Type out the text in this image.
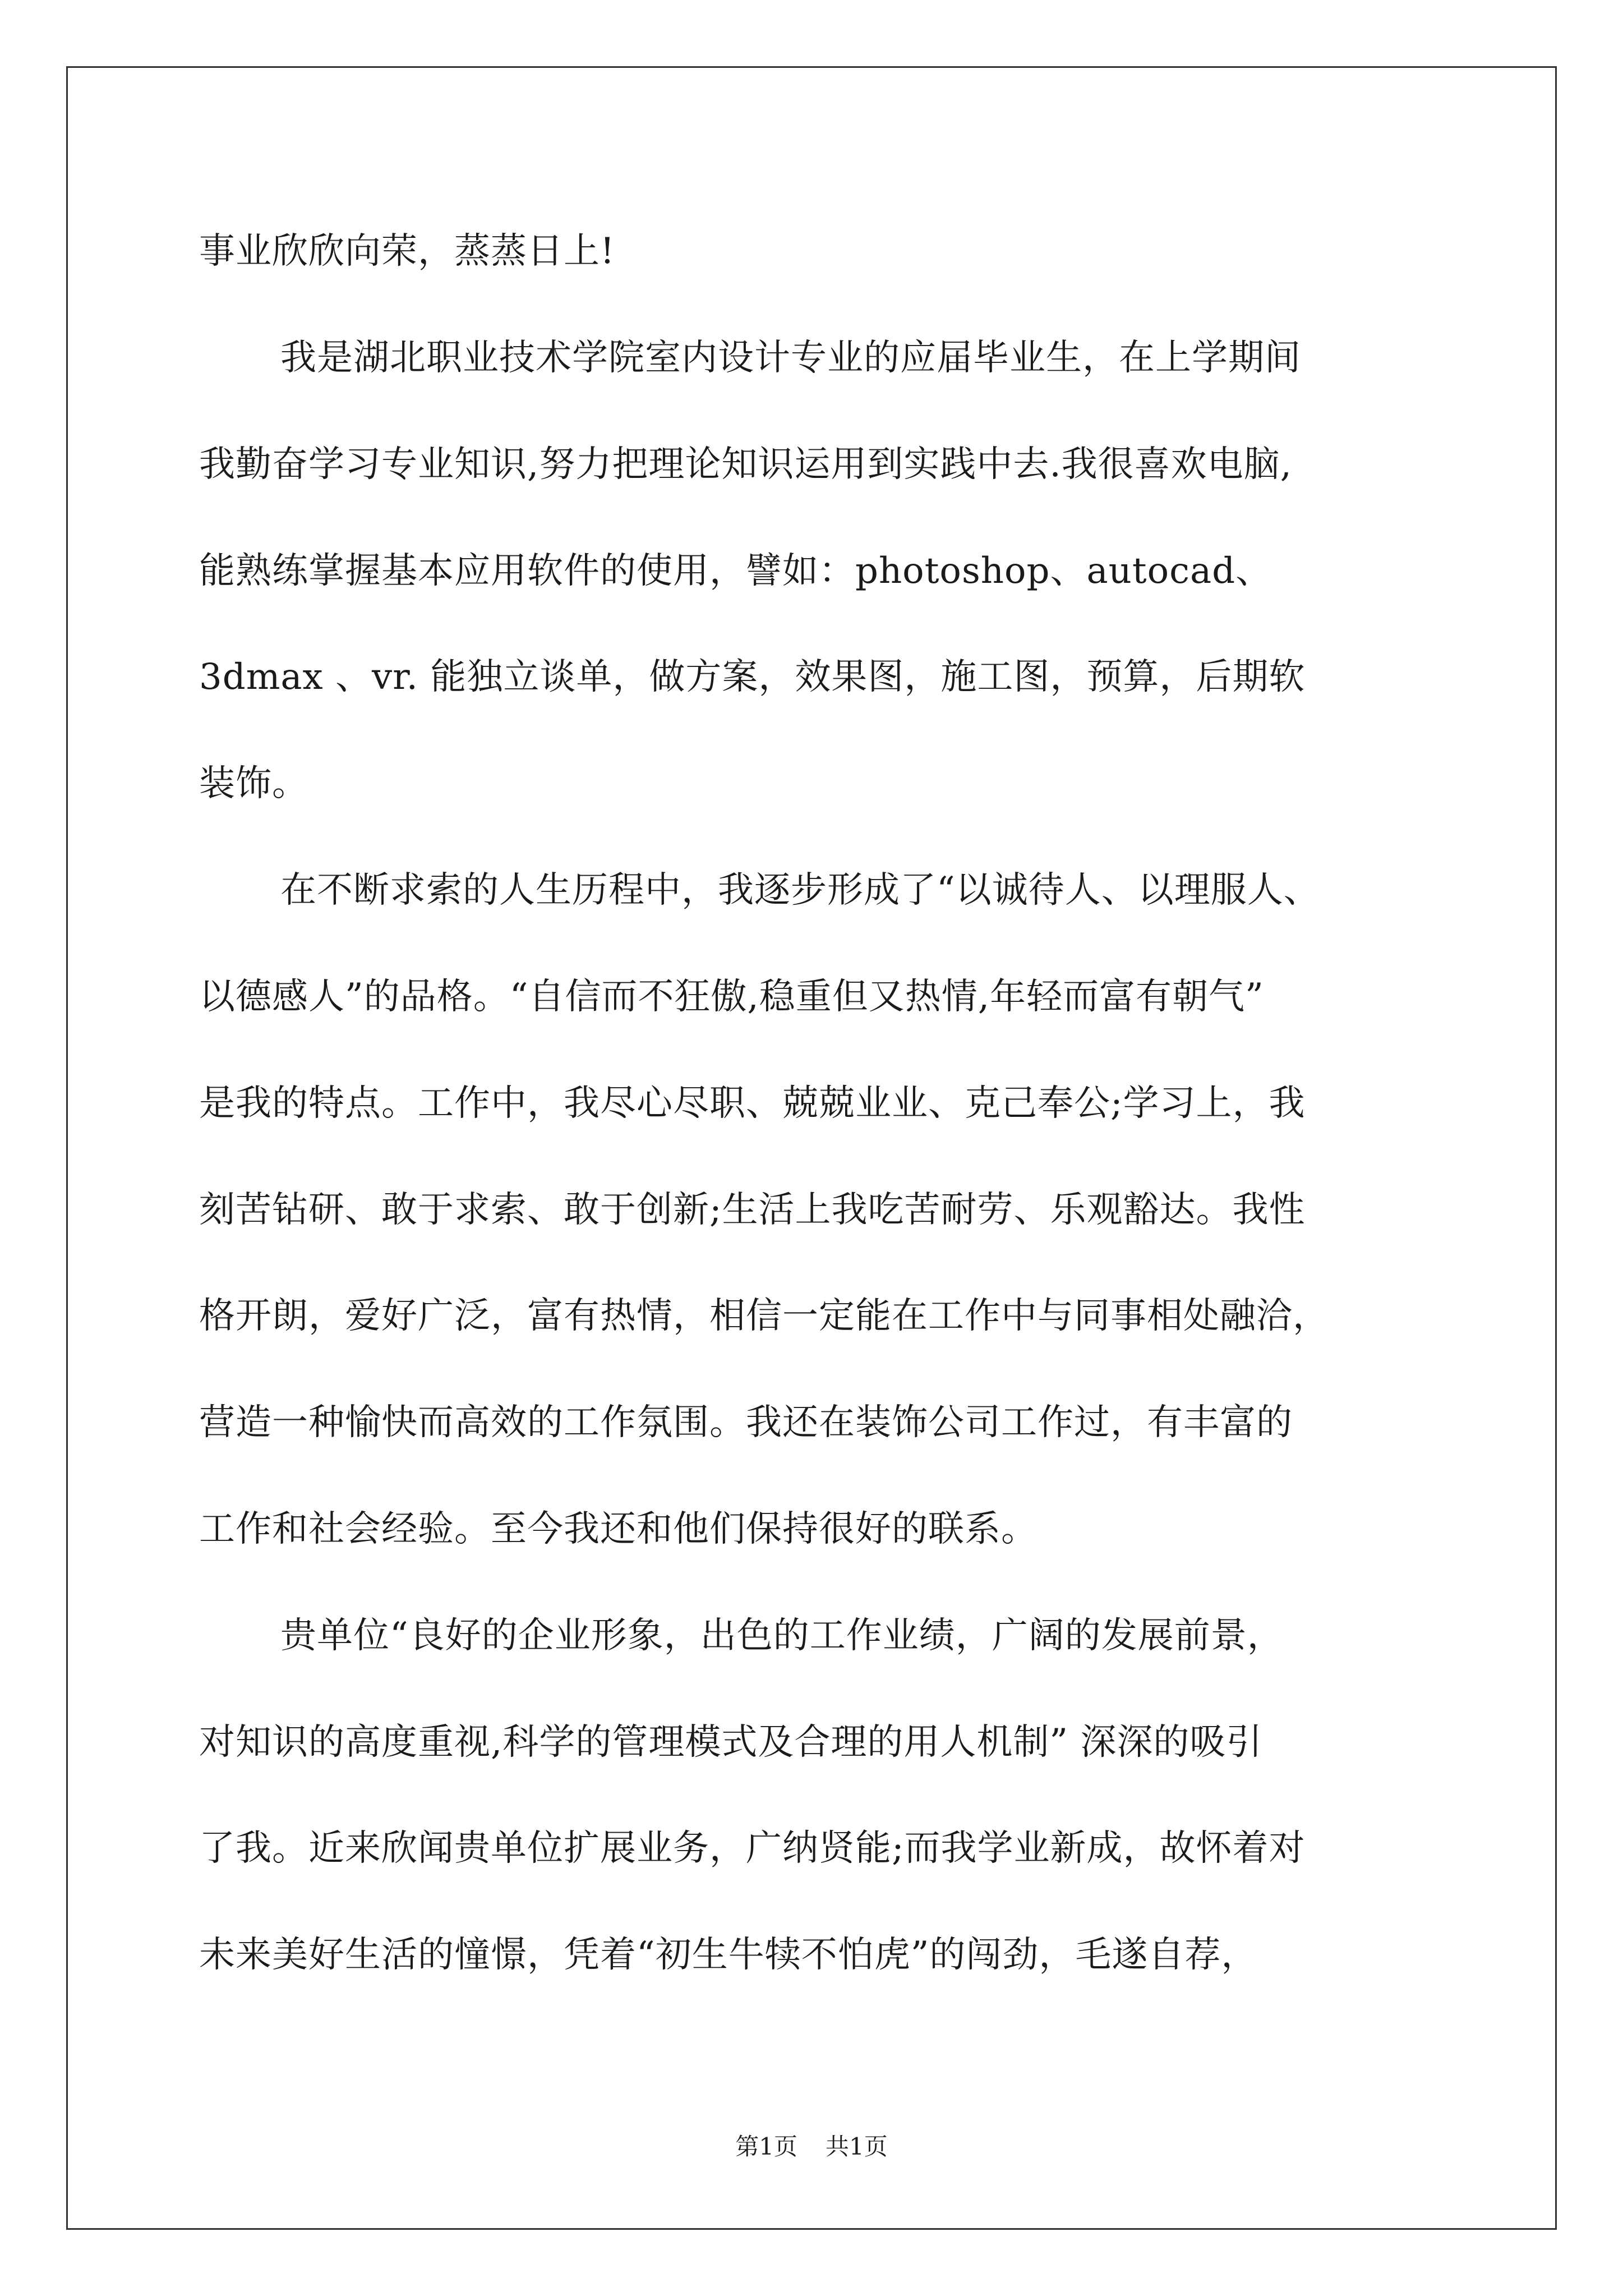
事业欣欣向荣，蒸蒸日上!
我是湖北职业技术学院室内设计专业的应届毕业生，在上学期间
我勤奋学习专业知识,努力把理论知识运用到实践中去.我很喜欢电脑,
能熟练掌握基本应用软件的使用，譬如：photoshop、autocad、
3dmax 、vr. 能独立谈单，做方案，效果图，施工图，预算，后期软
装饰。
在不断求索的人生历程中，我逐步形成了“以诚待人、以理服人、
以德感人”的品格。“自信而不狂傲,稳重但又热情,年轻而富有朝气”
是我的特点。工作中，我尽心尽职、兢兢业业、克己奉公;学习上，我
刻苦钻研、敢于求索、敢于创新;生活上我吃苦耐劳、乐观豁达。我性
格开朗，爱好广泛，富有热情，相信一定能在工作中与同事相处融洽，
营造一种愉快而高效的工作氛围。我还在装饰公司工作过，有丰富的
工作和社会经验。至今我还和他们保持很好的联系。
贵单位“良好的企业形象，出色的工作业绩，广阔的发展前景，
对知识的高度重视,科学的管理模式及合理的用人机制” 深深的吸引
了我。近来欣闻贵单位扩展业务，广纳贤能;而我学业新成，故怀着对
未来美好生活的憧憬，凭着“初生牛犊不怕虎”的闯劲，毛遂自荐，
第1页 共1页
